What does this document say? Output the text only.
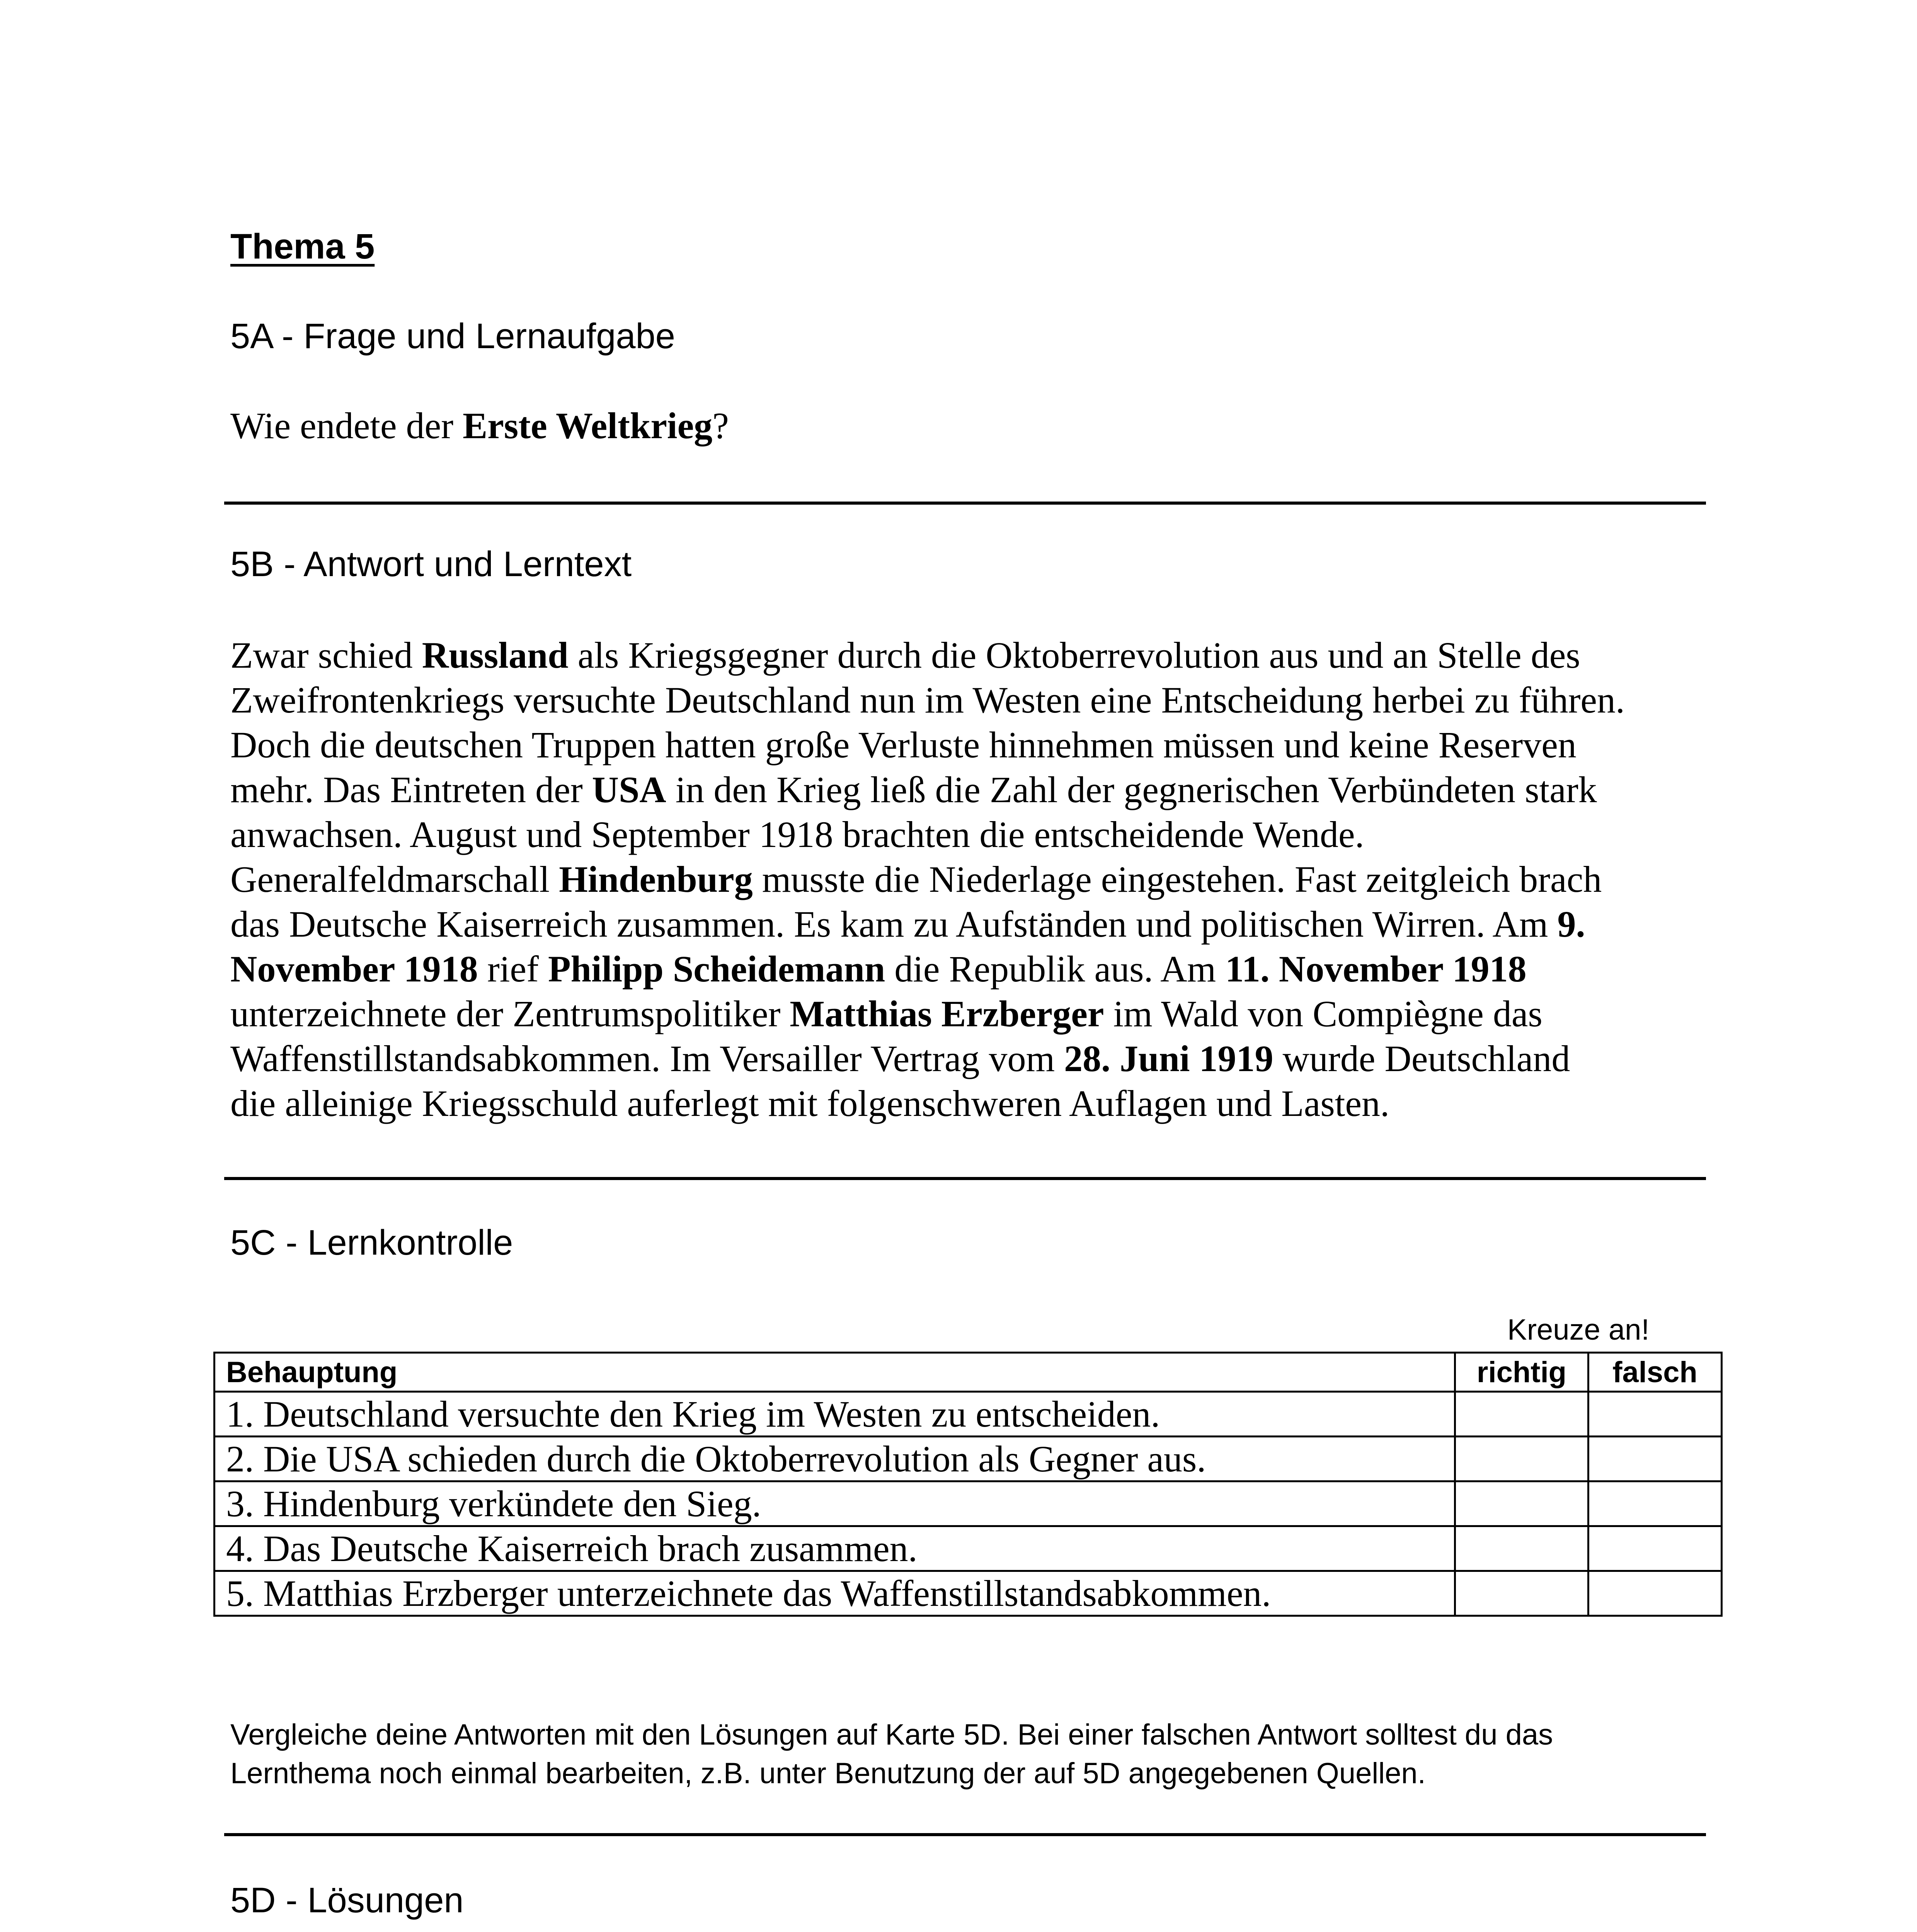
Thema 5
5A - Frage und Lernaufgabe
Wie endete der Erste Weltkrieg?
5B - Antwort und Lerntext

Zwar schied Russland als Kriegsgegner durch die Oktoberrevolution aus und an Stelle des

Zweifrontenkriegs versuchte Deutschland nun im Westen eine Entscheidung herbei zu führen.

Doch die deutschen Truppen hatten große Verluste hinnehmen müssen und keine Reserven

mehr. Das Eintreten der USA in den Krieg ließ die Zahl der gegnerischen Verbündeten stark

anwachsen. August und September 1918 brachten die entscheidende Wende.

Generalfeldmarschall Hindenburg musste die Niederlage eingestehen. Fast zeitgleich brach

das Deutsche Kaiserreich zusammen. Es kam zu Aufständen und politischen Wirren. Am 9.

November 1918 rief Philipp Scheidemann die Republik aus. Am 11. November 1918

unterzeichnete der Zentrumspolitiker Matthias Erzberger im Wald von Compiègne das

Waffenstillstandsabkommen. Im Versailler Vertrag vom 28. Juni 1919 wurde Deutschland

die alleinige Kriegsschuld auferlegt mit folgenschweren Auflagen und Lasten.

5C - Lernkontrolle
Kreuze an!
Behauptung	richtig	falsch
1. Deutschland versuchte den Krieg im Westen zu entscheiden.		
2. Die USA schieden durch die Oktoberrevolution als Gegner aus.		
3. Hindenburg verkündete den Sieg.		
4. Das Deutsche Kaiserreich brach zusammen.		
5. Matthias Erzberger unterzeichnete das Waffenstillstandsabkommen.		

Vergleiche deine Antworten mit den Lösungen auf Karte 5D. Bei einer falschen Antwort solltest du das

Lernthema noch einmal bearbeiten, z.B. unter Benutzung der auf 5D angegebenen Quellen.

5D - Lösungen
